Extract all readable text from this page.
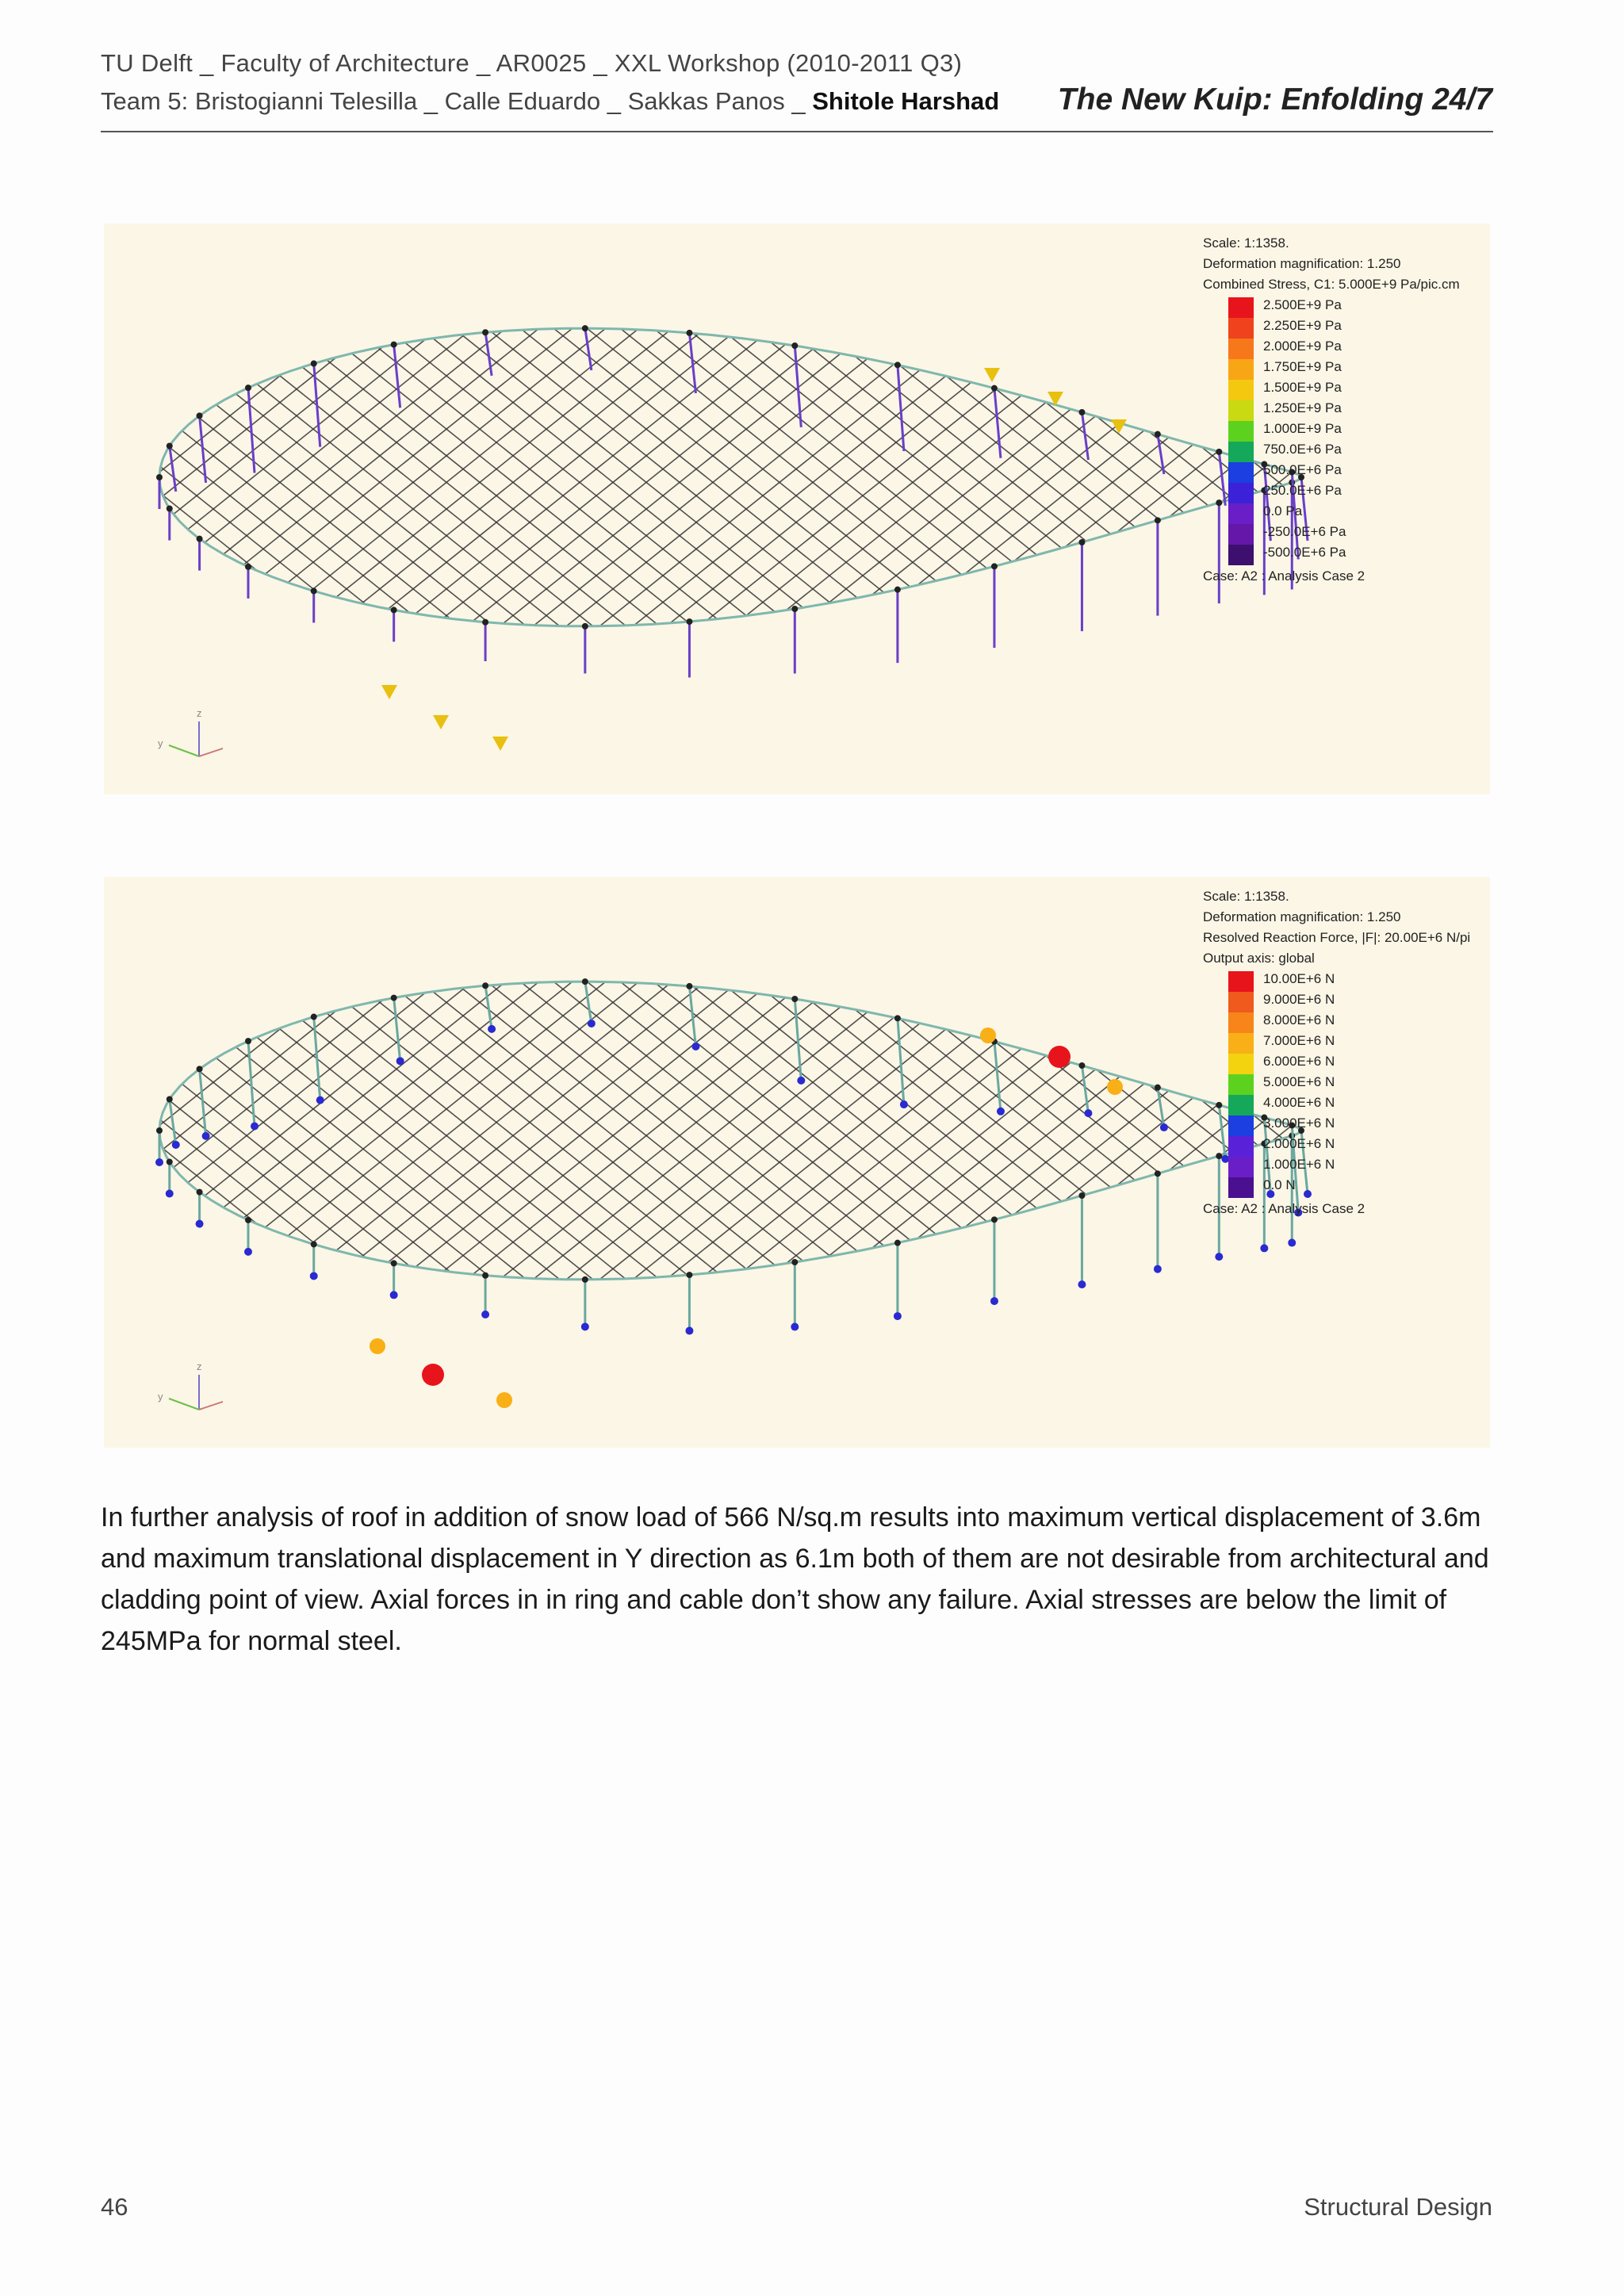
TU Delft _ Faculty of Architecture _ AR0025 _ XXL Workshop (2010-2011 Q3)
Team 5: Bristogianni Telesilla _ Calle Eduardo _ Sakkas Panos _ Shitole Harshad The New Kuip: Enfolding 24/7
Scale: 1:1358.
Deformation magnification: 1.250
Combined Stress, C1: 5.000E+9 Pa/pic.cm
2.500E+9 Pa
2.250E+9 Pa
2.000E+9 Pa
1.750E+9 Pa
1.500E+9 Pa
1.250E+9 Pa
1.000E+9 Pa
750.0E+6 Pa
500.0E+6 Pa
250.0E+6 Pa
0.0 Pa
-250.0E+6 Pa
-500.0E+6 Pa
Case: A2 : Analysis Case 2
z
y
Scale: 1:1358.
Deformation magnification: 1.250
Resolved Reaction Force, |F|: 20.00E+6 N/pi
Output axis: global
10.00E+6 N
9.000E+6 N
8.000E+6 N
7.000E+6 N
6.000E+6 N
5.000E+6 N
4.000E+6 N
3.000E+6 N
2.000E+6 N
1.000E+6 N
0.0 N
Case: A2 : Analysis Case 2
z
y
In further analysis of roof in addition of snow load of 566 N/sq.m results into maximum vertical displacement of 3.6m and maximum translational displacement in Y direction as 6.1m both of them are not desirable from architectural and cladding point of view. Axial forces in in ring and cable don’t show any failure. Axial stresses are below the limit of 245MPa for normal steel.
46	Structural Design
